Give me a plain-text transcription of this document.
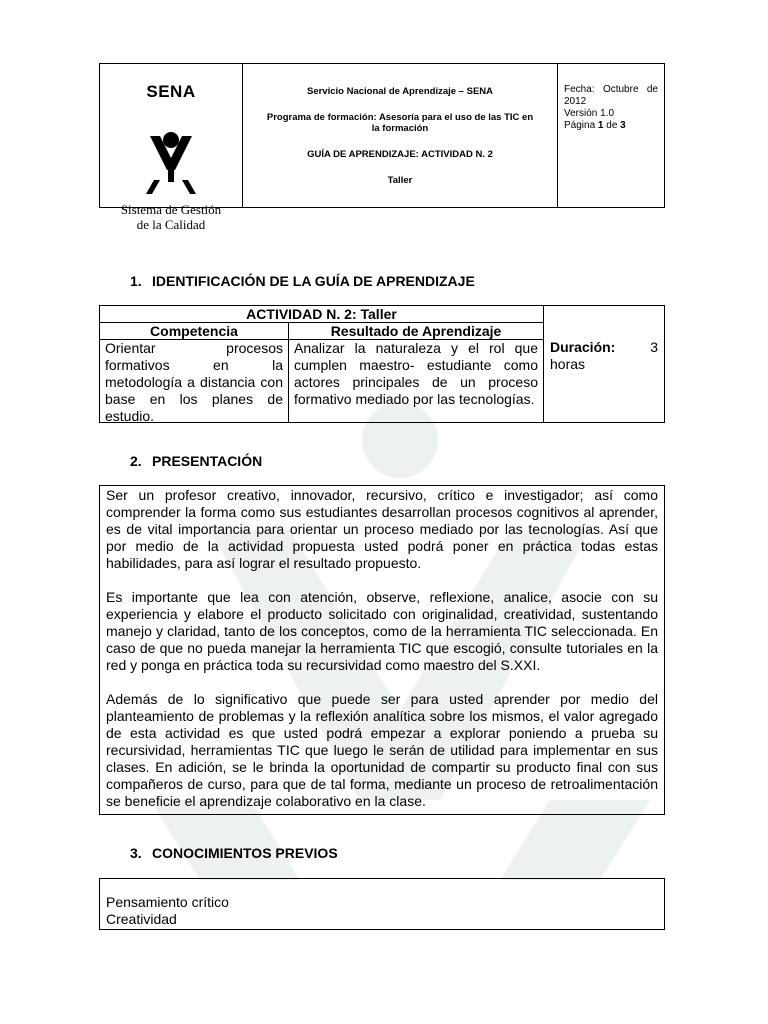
SENA
Sistema de Gestión
de la Calidad
Servicio Nacional de Aprendizaje – SENA
Programa de formación: Asesoría para el uso de las TIC en
la formación
GUÍA DE APRENDIZAJE: ACTIVIDAD N. 2
Taller
Fecha: Octubre de
2012
Versión 1.0
Página 1 de 3
1. IDENTIFICACIÓN DE LA GUÍA DE APRENDIZAJE
ACTIVIDAD N. 2: Taller
Competencia	Resultado de Aprendizaje
Orientar procesos formativos en la metodología a distancia con base en los planes de estudio.
Analizar la naturaleza y el rol que cumplen maestro- estudiante como actores principales de un proceso formativo mediado por las tecnologías.
Duración: 3
horas
2. PRESENTACIÓN

Ser un profesor creativo, innovador, recursivo, crítico e investigador; así como comprender la forma como sus estudiantes desarrollan procesos cognitivos al aprender, es de vital importancia para orientar un proceso mediado por las tecnologías. Así que por medio de la actividad propuesta usted podrá poner en práctica todas estas habilidades, para así lograr el resultado propuesto.

Es importante que lea con atención, observe, reflexione, analice, asocie con su experiencia y elabore el producto solicitado con originalidad, creatividad, sustentando manejo y claridad, tanto de los conceptos, como de la herramienta TIC seleccionada. En caso de que no pueda manejar la herramienta TIC que escogió, consulte tutoriales en la red y ponga en práctica toda su recursividad como maestro del S.XXI.

Además de lo significativo que puede ser para usted aprender por medio del planteamiento de problemas y la reflexión analítica sobre los mismos, el valor agregado de esta actividad es que usted podrá empezar a explorar poniendo a prueba su recursividad, herramientas TIC que luego le serán de utilidad para implementar en sus clases. En adición, se le brinda la oportunidad de compartir su producto final con sus compañeros de curso, para que de tal forma, mediante un proceso de retroalimentación se beneficie el aprendizaje colaborativo en la clase.

3. CONOCIMIENTOS PREVIOS
Pensamiento crítico
Creatividad
